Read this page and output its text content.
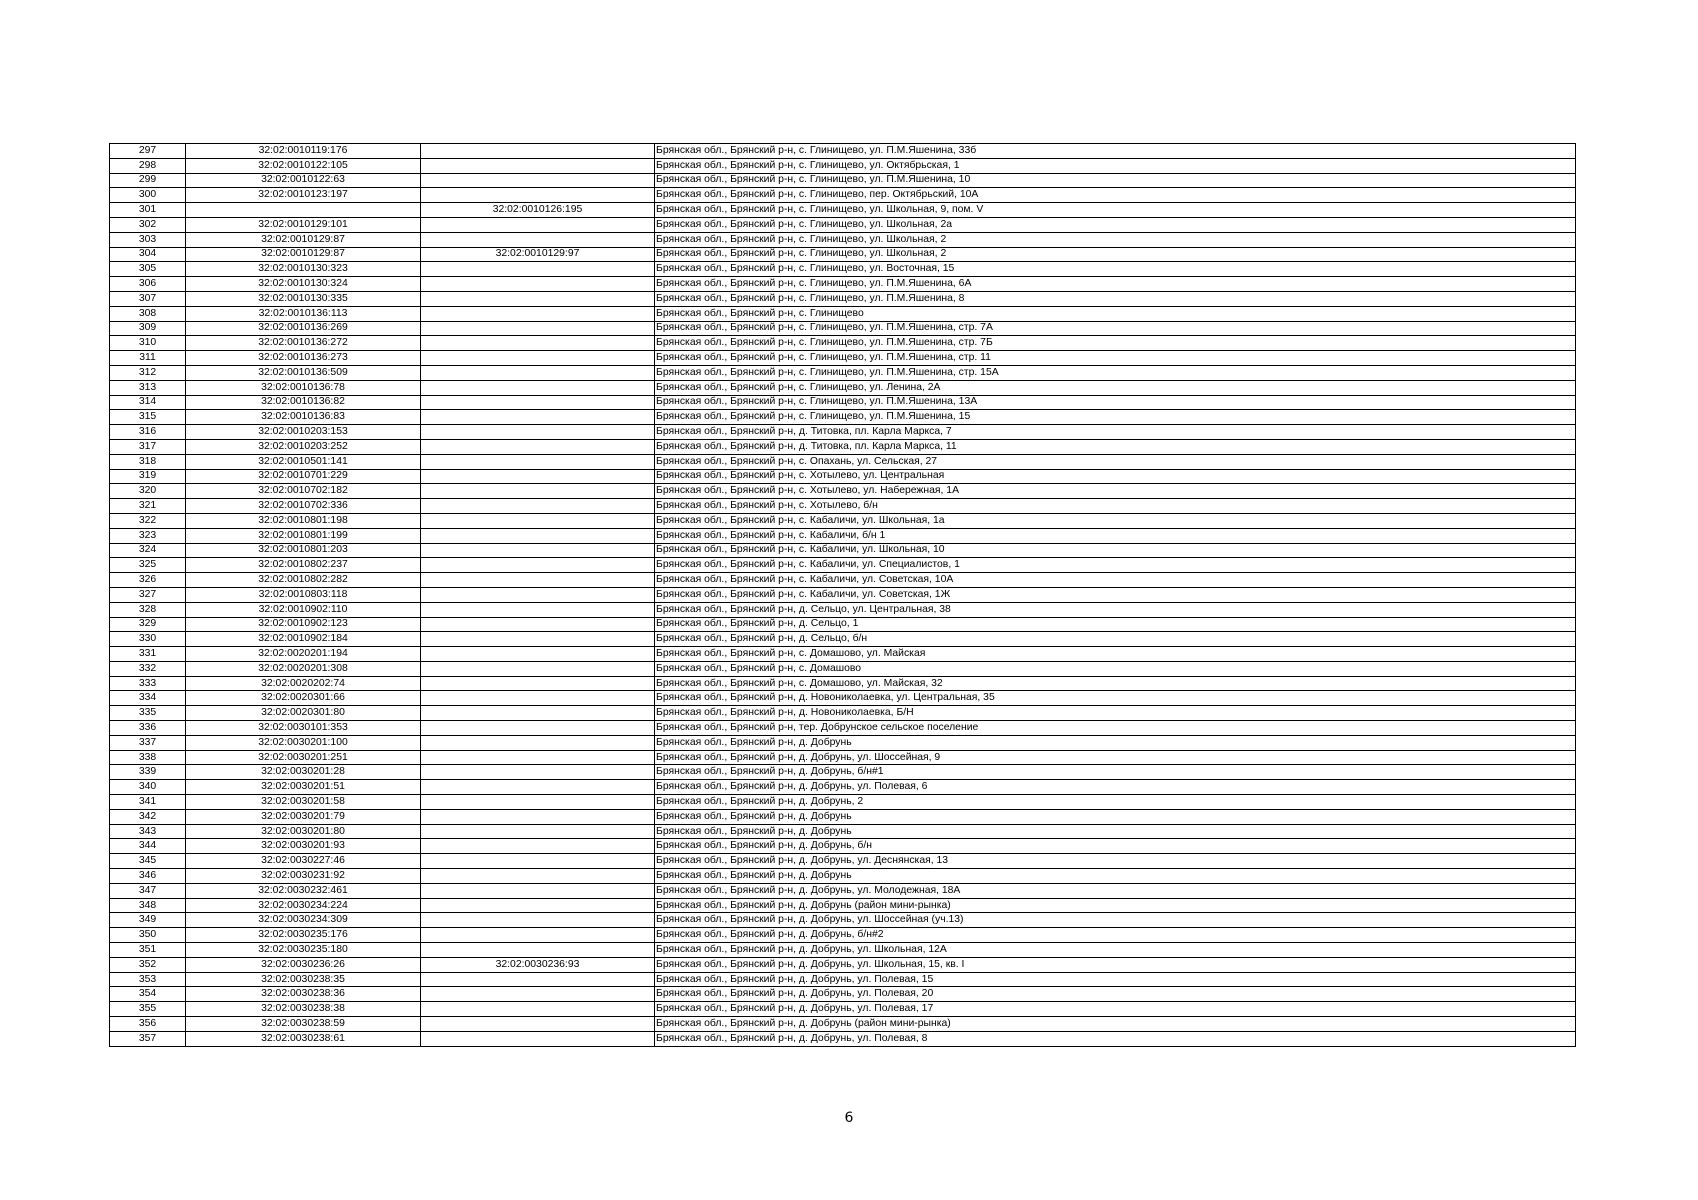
297	32:02:0010119:176		Брянская обл., Брянский р-н, с. Глинищево, ул. П.М.Яшенина, 33б
298	32:02:0010122:105		Брянская обл., Брянский р-н, с. Глинищево, ул. Октябрьская, 1
299	32:02:0010122:63		Брянская обл., Брянский р-н, с. Глинищево, ул. П.М.Яшенина, 10
300	32:02:0010123:197		Брянская обл., Брянский р-н, с. Глинищево, пер. Октябрьский, 10А
301		32:02:0010126:195	Брянская обл., Брянский р-н, с. Глинищево, ул. Школьная, 9, пом. V
302	32:02:0010129:101		Брянская обл., Брянский р-н, с. Глинищево, ул. Школьная, 2а
303	32:02:0010129:87		Брянская обл., Брянский р-н, с. Глинищево, ул. Школьная, 2
304	32:02:0010129:87	32:02:0010129:97	Брянская обл., Брянский р-н, с. Глинищево, ул. Школьная, 2
305	32:02:0010130:323		Брянская обл., Брянский р-н, с. Глинищево, ул. Восточная, 15
306	32:02:0010130:324		Брянская обл., Брянский р-н, с. Глинищево, ул. П.М.Яшенина, 6А
307	32:02:0010130:335		Брянская обл., Брянский р-н, с. Глинищево, ул. П.М.Яшенина, 8
308	32:02:0010136:113		Брянская обл., Брянский р-н, с. Глинищево
309	32:02:0010136:269		Брянская обл., Брянский р-н, с. Глинищево, ул. П.М.Яшенина, стр. 7А
310	32:02:0010136:272		Брянская обл., Брянский р-н, с. Глинищево, ул. П.М.Яшенина, стр. 7Б
311	32:02:0010136:273		Брянская обл., Брянский р-н, с. Глинищево, ул. П.М.Яшенина, стр. 11
312	32:02:0010136:509		Брянская обл., Брянский р-н, с. Глинищево, ул. П.М.Яшенина, стр. 15А
313	32:02:0010136:78		Брянская обл., Брянский р-н, с. Глинищево, ул. Ленина, 2А
314	32:02:0010136:82		Брянская обл., Брянский р-н, с. Глинищево, ул. П.М.Яшенина, 13А
315	32:02:0010136:83		Брянская обл., Брянский р-н, с. Глинищево, ул. П.М.Яшенина, 15
316	32:02:0010203:153		Брянская обл., Брянский р-н, д. Титовка, пл. Карла Маркса, 7
317	32:02:0010203:252		Брянская обл., Брянский р-н, д. Титовка, пл. Карла Маркса, 11
318	32:02:0010501:141		Брянская обл., Брянский р-н, с. Опахань, ул. Сельская, 27
319	32:02:0010701:229		Брянская обл., Брянский р-н, с. Хотылево, ул. Центральная
320	32:02:0010702:182		Брянская обл., Брянский р-н, с. Хотылево, ул. Набережная, 1А
321	32:02:0010702:336		Брянская обл., Брянский р-н, с. Хотылево, б/н
322	32:02:0010801:198		Брянская обл., Брянский р-н, с. Кабаличи, ул. Школьная, 1а
323	32:02:0010801:199		Брянская обл., Брянский р-н, с. Кабаличи, б/н 1
324	32:02:0010801:203		Брянская обл., Брянский р-н, с. Кабаличи, ул. Школьная, 10
325	32:02:0010802:237		Брянская обл., Брянский р-н, с. Кабаличи, ул. Специалистов, 1
326	32:02:0010802:282		Брянская обл., Брянский р-н, с. Кабаличи, ул. Советская, 10А
327	32:02:0010803:118		Брянская обл., Брянский р-н, с. Кабаличи, ул. Советская, 1Ж
328	32:02:0010902:110		Брянская обл., Брянский р-н, д. Сельцо, ул. Центральная, 38
329	32:02:0010902:123		Брянская обл., Брянский р-н, д. Сельцо, 1
330	32:02:0010902:184		Брянская обл., Брянский р-н, д. Сельцо, б/н
331	32:02:0020201:194		Брянская обл., Брянский р-н, с. Домашово, ул. Майская
332	32:02:0020201:308		Брянская обл., Брянский р-н, с. Домашово
333	32:02:0020202:74		Брянская обл., Брянский р-н, с. Домашово, ул. Майская, 32
334	32:02:0020301:66		Брянская обл., Брянский р-н, д. Новониколаевка, ул. Центральная, 35
335	32:02:0020301:80		Брянская обл., Брянский р-н, д. Новониколаевка, Б/Н
336	32:02:0030101:353		Брянская обл., Брянский р-н, тер. Добрунское сельское поселение
337	32:02:0030201:100		Брянская обл., Брянский р-н, д. Добрунь
338	32:02:0030201:251		Брянская обл., Брянский р-н, д. Добрунь, ул. Шоссейная, 9
339	32:02:0030201:28		Брянская обл., Брянский р-н, д. Добрунь, б/н#1
340	32:02:0030201:51		Брянская обл., Брянский р-н, д. Добрунь, ул. Полевая, 6
341	32:02:0030201:58		Брянская обл., Брянский р-н, д. Добрунь, 2
342	32:02:0030201:79		Брянская обл., Брянский р-н, д. Добрунь
343	32:02:0030201:80		Брянская обл., Брянский р-н, д. Добрунь
344	32:02:0030201:93		Брянская обл., Брянский р-н, д. Добрунь, б/н
345	32:02:0030227:46		Брянская обл., Брянский р-н, д. Добрунь, ул. Деснянская, 13
346	32:02:0030231:92		Брянская обл., Брянский р-н, д. Добрунь
347	32:02:0030232:461		Брянская обл., Брянский р-н, д. Добрунь, ул. Молодежная, 18А
348	32:02:0030234:224		Брянская обл., Брянский р-н, д. Добрунь (район мини-рынка)
349	32:02:0030234:309		Брянская обл., Брянский р-н, д. Добрунь, ул. Шоссейная (уч.13)
350	32:02:0030235:176		Брянская обл., Брянский р-н, д. Добрунь, б/н#2
351	32:02:0030235:180		Брянская обл., Брянский р-н, д. Добрунь, ул. Школьная, 12А
352	32:02:0030236:26	32:02:0030236:93	Брянская обл., Брянский р-н, д. Добрунь, ул. Школьная, 15, кв. I
353	32:02:0030238:35		Брянская обл., Брянский р-н, д. Добрунь, ул. Полевая, 15
354	32:02:0030238:36		Брянская обл., Брянский р-н, д. Добрунь, ул. Полевая, 20
355	32:02:0030238:38		Брянская обл., Брянский р-н, д. Добрунь, ул. Полевая, 17
356	32:02:0030238:59		Брянская обл., Брянский р-н, д. Добрунь (район мини-рынка)
357	32:02:0030238:61		Брянская обл., Брянский р-н, д. Добрунь, ул. Полевая, 8
6
